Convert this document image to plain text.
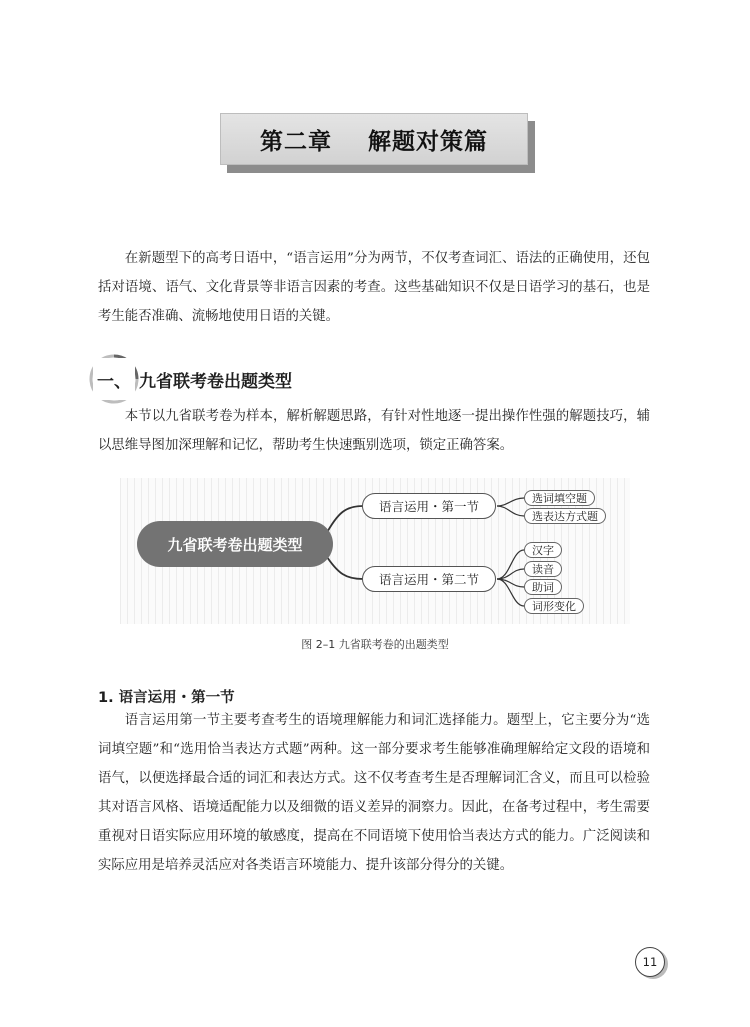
第二章    解题对策篇

在新题型下的高考日语中，“语言运用”分为两节，不仅考查词汇、语法的正确使用，还包括对语境、语气、文化背景等非语言因素的考查。这些基础知识不仅是日语学习的基石，也是考生能否准确、流畅地使用日语的关键。

一、 九省联考卷出题类型

本节以九省联考卷为样本，解析解题思路，有针对性地逐一提出操作性强的解题技巧，辅以思维导图加深理解和记忆，帮助考生快速甄别选项，锁定正确答案。

九省联考卷出题类型
语言运用・第一节
语言运用・第二节
选词填空题
选表达方式题
汉字
读音
助词
词形变化
图 2–1 九省联考卷的出题类型
1. 语言运用・第一节

语言运用第一节主要考查考生的语境理解能力和词汇选择能力。题型上，它主要分为“选词填空题”和“选用恰当表达方式题”两种。这一部分要求考生能够准确理解给定文段的语境和语气，以便选择最合适的词汇和表达方式。这不仅考查考生是否理解词汇含义，而且可以检验其对语言风格、语境适配能力以及细微的语义差异的洞察力。因此，在备考过程中，考生需要重视对日语实际应用环境的敏感度，提高在不同语境下使用恰当表达方式的能力。广泛阅读和实际应用是培养灵活应对各类语言环境能力、提升该部分得分的关键。

11
